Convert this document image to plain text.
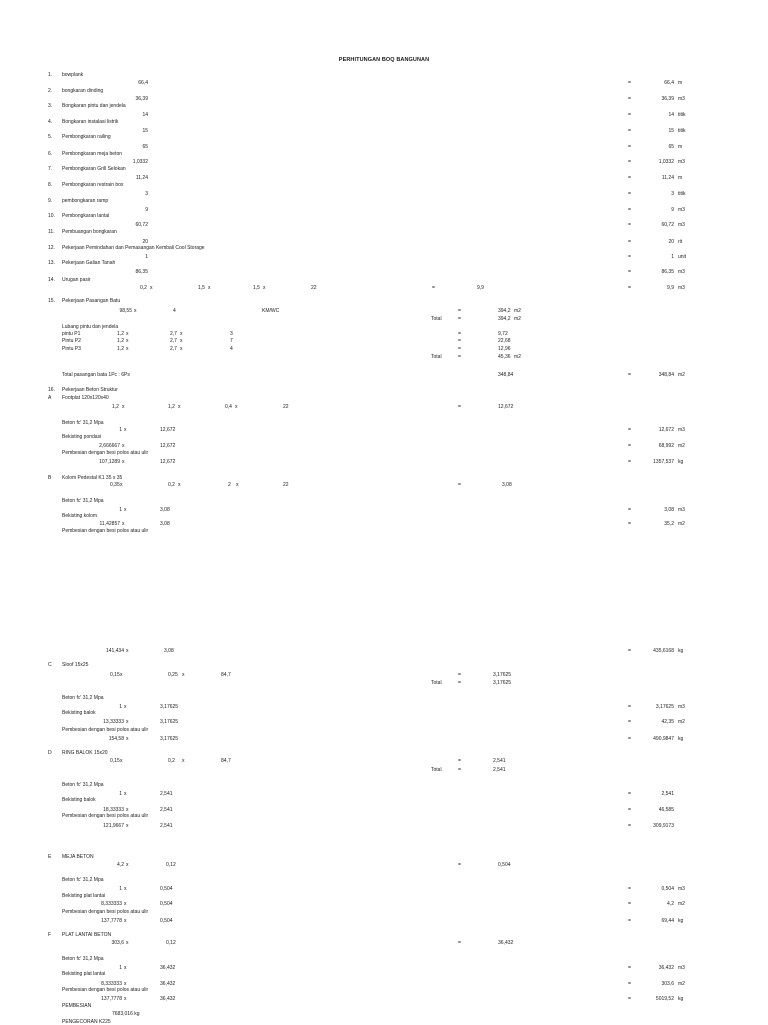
PERHITUNGAN BOQ BANGUNAN
1. bowplank
66,4	=	66,4 m
2. bongkaran dinding
36,39	=	36,39 m3
3. Bongkaran pintu dan jendela
14	=	14 titik
4. Bongkaran instalasi listrik
15	=	15 titik
5. Pembongkaran railing
65	=	65 m
6. Pembongkaran meja beton
1,0332	=	1,0332 m3
7. Pembongkaran Grill Selokan
11,24	=	11,24 m
8. Pembongkaran restrain box
3	=	3 titik
9. pembongkaran ramp
9	=	9 m3
10. Pembongkaran lantai
60,72	=	60,72 m3
11. Pembuangan bongkaran
20	=	20 rit
12. Pekerjaan Pemindahan dan Pemasangan Kembali Cool Storage
1	=	1 unit
13. Pekerjaan Galian Tanah
86,35	=	86,35 m3
14. Urugan pasir
0,2 x	1,5 x	1,5 x	22	=	9,9	=	9,9 m3
15. Pekerjaan Pasangan Batu
98,55 x	4	KM/WC	=	394,2 m2
Total	=	394,2 m2
Lubang pintu dan jendela
pintu P1	1,2 x	2,7 x	3	=	9,72
Pintu P2	1,2 x	2,7 x	7	=	22,68
Pintu P3	1,2 x	2,7 x	4	=	12,96
Total	=	45,36 m2
Total pasangan bata 1Pc : 6Ps	348,84	=	348,84 m2
16. Pekerjaan Beton Struktur
A Footplat 120x120x40
1,2 x	1,2 x	0,4 x	22	=	12,672
Beton fc' 31,2 Mpa
1 x	12,672	=	12,672 m3
Bekisting pondasi
2,666667 x	12,672	=	68,992 m2
Pembesian dengan besi polos atau ulir
107,1289 x	12,672	=	1357,537 kg
B Kolom Pedestal K1 35 x 35
0,35 x	0,2 x	2 x	22	=	3,08
Beton fc' 31,2 Mpa
1 x	3,08	=	3,08 m3
Bekisting kolom
11,42857 x	3,08	=	35,2 m2
Pembesian dengan besi polos atau ulir
141,434 x	3,08	=	435,6168 kg
C Sloof 15x25
0,15 x	0,25 x	84,7	=	3,17625
Total	=	3,17625
Beton fc' 31,2 Mpa
1 x	3,17625	=	3,17625 m3
Bekisting balok
13,33333 x	3,17625	=	42,35 m2
Pembesian dengan besi polos atau ulir
154,58 x	3,17625	=	490,9847 kg
D RING BALOK 15x20
0,15 x	0,2 x	84,7	=	2,541
Total	=	2,541
Beton fc' 31,2 Mpa
1 x	2,541	=	2,541
Bekisting balok
18,33333 x	2,541	=	46,585
Pembesian dengan besi polos atau ulir
121,9667 x	2,541	=	309,9173
E MEJA BETON
4,2 x	0,12	=	0,504
Beton fc' 31,2 Mpa
1 x	0,504	=	0,504 m3
Bekisting plat lantai
8,333333 x	0,504	=	4,2 m2
Pembesian dengan besi polos atau ulir
137,7778 x	0,504	=	69,44 kg
F PLAT LANTAI BETON
303,6 x	0,12	=	36,432
Beton fc' 31,2 Mpa
1 x	36,432	=	36,432 m3
Bekisting plat lantai
8,333333 x	36,432	=	303,6 m2
Pembesian dengan besi polos atau ulir
137,7778 x	36,432	=	5019,52 kg
PEMBESIAN
7683,016 kg
PENGECORAN K225
